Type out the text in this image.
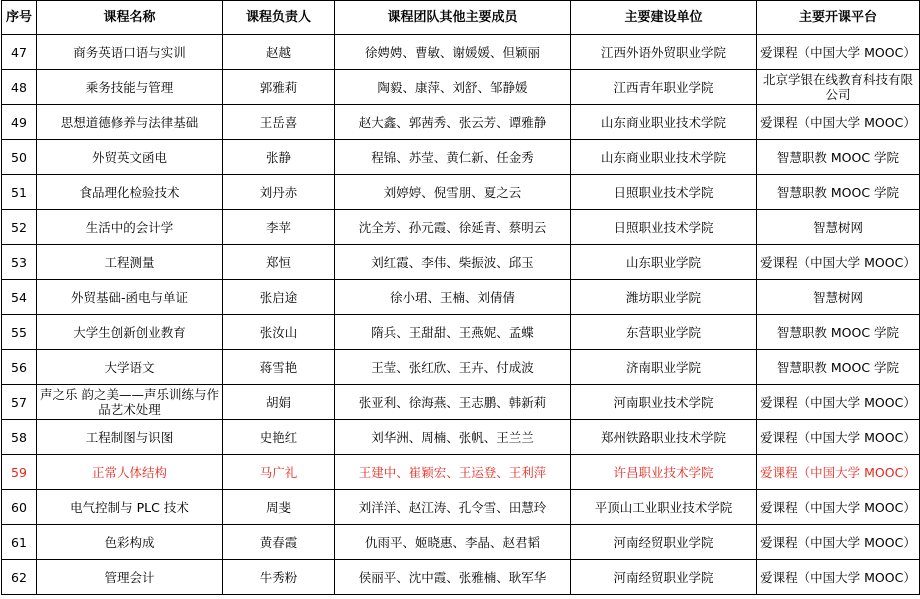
序号	课程名称	课程负责人	课程团队其他主要成员	主要建设单位	主要开课平台
47	商务英语口语与实训	赵越	徐娉娉、曹敏、谢媛媛、但颖丽	江西外语外贸职业学院	爱课程（中国大学 MOOC）
48	乘务技能与管理	郭雅莉	陶毅、康萍、刘舒、邹静媛	江西青年职业学院	北京学银在线教育科技有限公司
49	思想道德修养与法律基础	王岳喜	赵大鑫、郭茜秀、张云芳、谭雅静	山东商业职业技术学院	爱课程（中国大学 MOOC）
50	外贸英文函电	张静	程锦、苏莹、黄仁新、任金秀	山东商业职业技术学院	智慧职教 MOOC 学院
51	食品理化检验技术	刘丹赤	刘婷婷、倪雪朋、夏之云	日照职业技术学院	智慧职教 MOOC 学院
52	生活中的会计学	李苹	沈全芳、孙元霞、徐延青、蔡明云	日照职业技术学院	智慧树网
53	工程测量	郑恒	刘红霞、李伟、柴振波、邱玉	山东职业学院	爱课程（中国大学 MOOC）
54	外贸基础-函电与单证	张启途	徐小珺、王楠、刘倩倩	潍坊职业学院	智慧树网
55	大学生创新创业教育	张汝山	隋兵、王甜甜、王燕妮、孟蝶	东营职业学院	智慧职教 MOOC 学院
56	大学语文	蒋雪艳	王莹、张红欣、王卉、付成波	济南职业学院	智慧职教 MOOC 学院
57	声之乐 韵之美——声乐训练与作品艺术处理	胡娟	张亚利、徐海燕、王志鹏、韩新莉	河南职业技术学院	爱课程（中国大学 MOOC）
58	工程制图与识图	史艳红	刘华洲、周楠、张帆、王兰兰	郑州铁路职业技术学院	爱课程（中国大学 MOOC）
59	正常人体结构	马广礼	王建中、崔颖宏、王运登、王利萍	许昌职业技术学院	爱课程（中国大学 MOOC）
60	电气控制与 PLC 技术	周斐	刘洋洋、赵江涛、孔令雪、田慧玲	平顶山工业职业技术学院	爱课程（中国大学 MOOC）
61	色彩构成	黄春霞	仇雨平、姬晓惠、李晶、赵君韬	河南经贸职业学院	爱课程（中国大学 MOOC）
62	管理会计	牛秀粉	侯丽平、沈中霞、张雅楠、耿军华	河南经贸职业学院	爱课程（中国大学 MOOC）
